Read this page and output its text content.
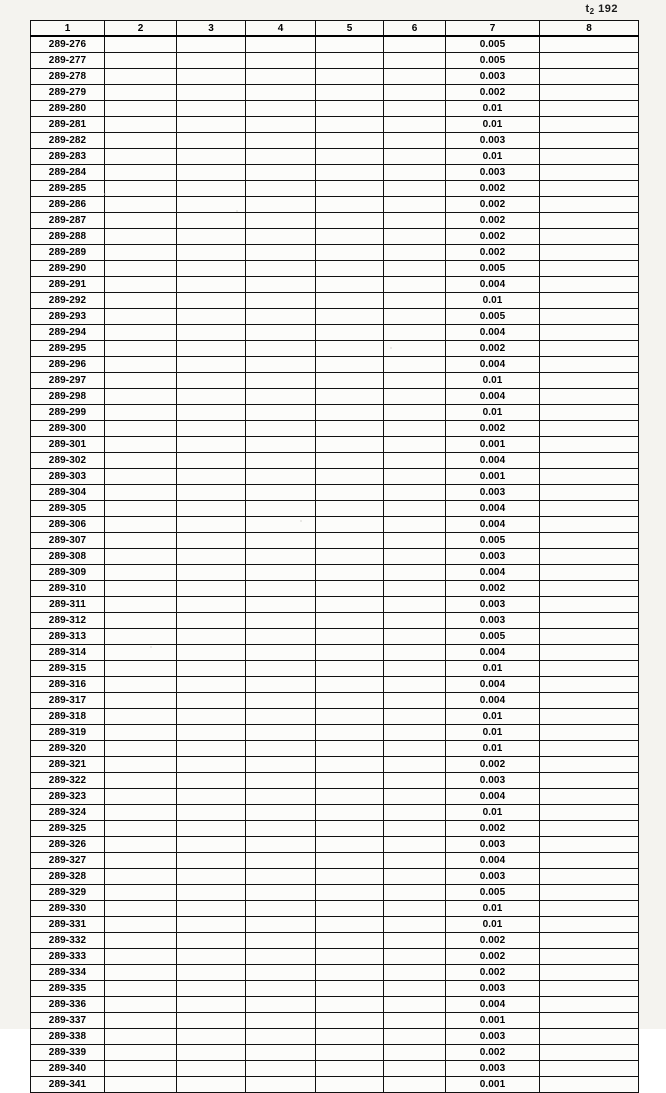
$t_2$ 192
1	2	3	4	5	6	7	8
289-276						0.005	
289-277						0.005	
289-278						0.003	
289-279						0.002	
289-280						0.01	
289-281						0.01	
289-282						0.003	
289-283						0.01	
289-284						0.003	
289-285						0.002	
289-286						0.002	
289-287						0.002	
289-288						0.002	
289-289						0.002	
289-290						0.005	
289-291						0.004	
289-292						0.01	
289-293						0.005	
289-294						0.004	
289-295						0.002	
289-296						0.004	
289-297						0.01	
289-298						0.004	
289-299						0.01	
289-300						0.002	
289-301						0.001	
289-302						0.004	
289-303						0.001	
289-304						0.003	
289-305						0.004	
289-306						0.004	
289-307						0.005	
289-308						0.003	
289-309						0.004	
289-310						0.002	
289-311						0.003	
289-312						0.003	
289-313						0.005	
289-314						0.004	
289-315						0.01	
289-316						0.004	
289-317						0.004	
289-318						0.01	
289-319						0.01	
289-320						0.01	
289-321						0.002	
289-322						0.003	
289-323						0.004	
289-324						0.01	
289-325						0.002	
289-326						0.003	
289-327						0.004	
289-328						0.003	
289-329						0.005	
289-330						0.01	
289-331						0.01	
289-332						0.002	
289-333						0.002	
289-334						0.002	
289-335						0.003	
289-336						0.004	
289-337						0.001	
289-338						0.003	
289-339						0.002	
289-340						0.003	
289-341						0.001	
